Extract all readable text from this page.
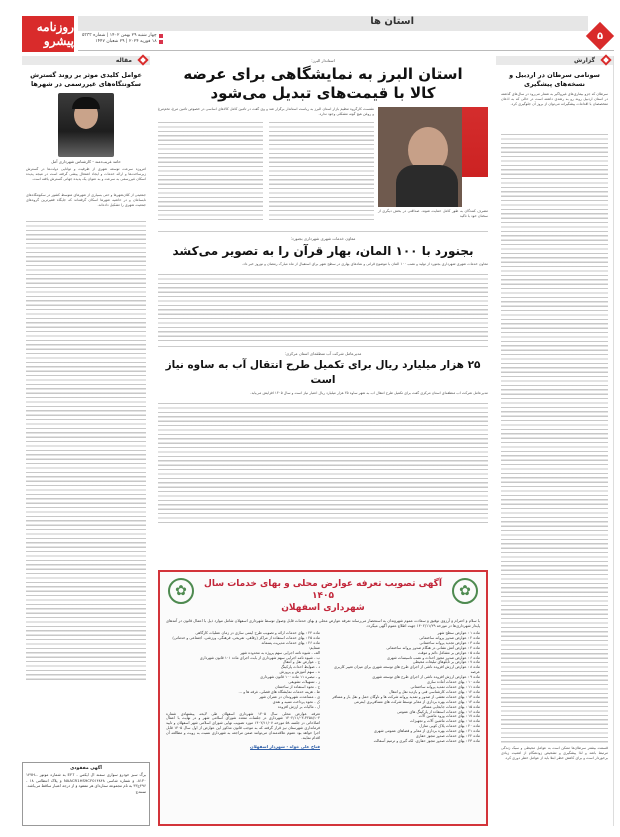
روزنامه پیشرو
استان ها
چهار شنبه ۲۹ بهمن ۱۴۰۲ | شماره ۵۳۳۳
۱۸ فوریه ۲۰۲۴ | ۲۹ شعبان ۱۴۴۷	۵
گزارش
سونامی سرطان در اردبیل و نسخه‌های پیشگیری
سرطان که جزو بیماری‌های غیرواگیر به شمار می‌رود در سال‌های گذشته در استان اردبیل روند رو به رشدی داشته است در حالی که به اذعان متخصصان با اقدامات پیشگیرانه می‌توان از بروز آن جلوگیری کرد.
قسمت بیشتر سرطان‌ها ممکن است به عوامل محیطی و سبک زندگی مرتبط باشد و لذا پیشگیری و تشخیص زودهنگام از اهمیت زیادی برخوردار است و برای کاهش خطر ابتلا باید از عوامل خطر دوری کرد.
مقاله
عوامل کلیدی موثر بر روند گسترش سکونتگاه‌های غیررسمی در شهرها
حامد غریب‌دمند - کارشناس شهرداری آمل
امروزه سرعت توسعه شهری از ظرفیت و توانایی دولت‌ها در گسترش زیرساخت‌ها و ارائه خدمات و ایجاد اشتغال پیشی گرفته است در نتیجه پدیده اسکان غیررسمی به سرعت و به عنوان یک پدیده جهانی گسترش یافته است.
جمعیتی از کلان‌شهرها و حتی بسیاری از شهرهای متوسط کشور در سکونتگاه‌های نابسامان و در حاشیه شهرها اسکان گرفته‌اند که جایگاه فقیرترین گروه‌های جمعیت شهری را تشکیل داده‌اند.
آگهی مفقودی
برگ سبز خودرو سواری سمند ال ایکس - EF7 به شماره موتور ۱۴۷H---۸۱۳۰ و شماره شاسی NAACR1HS9CF0۱۴۸۴۸ و پلاک انتظامی ۱۸ - ۴۹۶ج۴۳ به نام مجموعه ستاره‌ای هر مفقود و از درجه اعتبار ساقط می‌باشد.
سنندج
استاندار البرز:
استان البرز به نمایشگاهی برای عرضه کالا با قیمت‌های تبدیل می‌شود
مصرف کنندگان به طور کامل حمایت شوند. صداقتی در بخش دیگری از سخنان خود با تاکید
نشست کارگروه تنظیم بازار استان البرز به ریاست استاندار برگزار شد و وی گفت در تأمین کامل کالاهای اساسی در خصوص تأمین مرغ، تخم‌مرغ و روغن هیچ گونه مشکلی وجود ندارد.
معاون خدمات شهری شهرداری بجنورد:
بجنورد با ۱۰۰ المان، بهار قرآن را به تصویر می‌کشد
معاون خدمات شهری شهرداری بجنورد از تولید و نصب ۱۰۰ المان با موضوع قرآنی و نمادهای بهاری در سطح شهر برای استقبال از ماه مبارک رمضان و نوروز خبر داد.
مدیرعامل شرکت آب منطقه‌ای استان مرکزی:
۲۵ هزار میلیارد ریال برای تکمیل طرح انتقال آب به ساوه نیاز است
مدیرعامل شرکت آب منطقه‌ای استان مرکزی گفت برای تکمیل طرح انتقال آب به شهر ساوه ۲۵ هزار میلیارد ریال اعتبار نیاز است و سال ۱۴۰۵ افزایش می‌یابد.
✿
✿	آگهی تصویب تعرفه عوارض محلی و بهای خدمات سال ۱۴۰۵
شهرداری اسفهلان
با سلام و احترام و آرزوی توفیق و سعادت عموم شهروندان به استحضار می‌رساند تعرفه عوارض محلی و بهای خدمات قابل وصول توسط شهرداری اسفهلان شامل موارد ذیل با اعمال قانون در آمدهای پایدار شهرداری‌ها در مورخه ۱۴۰۲/۱۱/۲۹ جهت اطلاع عموم آگهی میگردد.
ماده ۱ : عوارض سطح شهر
ماده ۲ : عوارض صدور پروانه ساختمانی
ماده ۳ : عوارض تجدید پروانه ساختمانی
ماده ۴ : عوارض آتش نشانی در هنگام صدور پروانه ساختمانی
ماده ۵ : عوارض بر مشاغل دائم و موقت
ماده ۶ : عوارض صدور مجوز احداث و نصب تاسیسات شهری
ماده ۷ : عوارض بر تابلوهای تبلیغات محیطی
ماده ۸ : عوارض ارزش افزوده ناشی از اجرای طرح های توسعه شهری برای میزان تغییر کاربری عرصه
ماده ۹ : عوارض ارزش افزوده ناشی از اجرای طرح های توسعه شهری
ماده ۱۰ : بهای خدمات آماده سازی
ماده ۱۱ : بهای خدمات تمدید پروانه ساختمانی
ماده ۱۲ : بهای خدمات کارشناسی فنی و بازدید نقل و انتقال
ماده ۱۳ : بهای خدمات نقشی از صدور و تمدید پروانه شرکت ها و ناوگان حمل و نقل بار و مسافر
ماده ۱۴ : بهای خدمات بهره برداری از معابر توسط شرکت های مسافربری اینترنتی
ماده ۱۵ : بهای خدمات جابجایی مسافر
ماده ۱۶ : بهای خدمات استفاده از پارکینگ های عمومی
ماده ۱۷ : بهای خدمات ورود ماشین آلات
ماده ۱۸ : بهای خدمات ماشین آلات و تجهیزات
ماده ۲۰ : بهای خدمات پلاک کوبی منازل
ماده ۲۱ : بهای خدمات بهره برداری از معابر و فضاهای عمومی شهری
ماده ۲۲ : بهای خدمات صدور مجوز حفاری
ماده ۲۳ : بهای خدمات صدور مجوز حفاری، لکه گیری و ترمیم آسفالت
ماده ۲۴ : بهای خدمات ارائه و تصویب طرح ایمنی سازی در زمان عملیات کارگاهی
ماده ۲۵ : بهای خدمات استفاده از مراکز (رفاهی، تفریحی، فرهنگی، ورزشی، اجتماعی و خدماتی)
ماده ۲۶ : بهای خدمات مدیریت پسماند
ضمایم:
الف - شیوه نامه اجرایی سهم پروژه به محدوده شهر
ب - شیوه نامه اجرایی سهم شهرداری از بابت اجرای ماده ۱۰۱ قانون شهرداری
ج - عوارض نقل و انتقال
د - ضوابط احداث پارکینگ
ه - سهم آموزش و پرورش
و - تبصره ۱۱ ماده ۱۰۰ قانون شهرداری
ز - تسهیلات تشویقی
ح - نحوه استفاده از ساختمان
ط - هزینه خدمات نمایشگاه های فصلی، غرفه ها و ...
ی - مساعدت شهروندان در عمران شهر
ک - نحوه پرداخت نسیه و نقدی
ل - مالیات بر ارزش افزوده
تعرفه عوارض محلی سال ۱۴۰۵ شهرداری اسفهلان طی لایحه پیشنهادی شماره ۳۲۵۸/۱۰۴-۱۴۰۲/۱۱/۰۳ شهرداری در جلسات متعدد شورای اسلامی شهر و در نهایت با اعمال اصلاحاتی در جلسه ۵۸ مورخه ۱۴۰۲/۱۱/۰۷ مورد تصویب نهایی شورای اسلامی شهر اسفهلان و تایید فرمانداری شهرستان نیز قرار گرفته که به موجب قانون مذکور این عوارض از اول سال ۱۴۰۵ قابل اجرا خواهد بود عموم علاقه‌مندان می‌توانند ضمن مراجعه به شهرداری نسبت به رویت و مطالعه آن اقدام نمایند.
فتاح علی خواه - شهردار اسفهلان
